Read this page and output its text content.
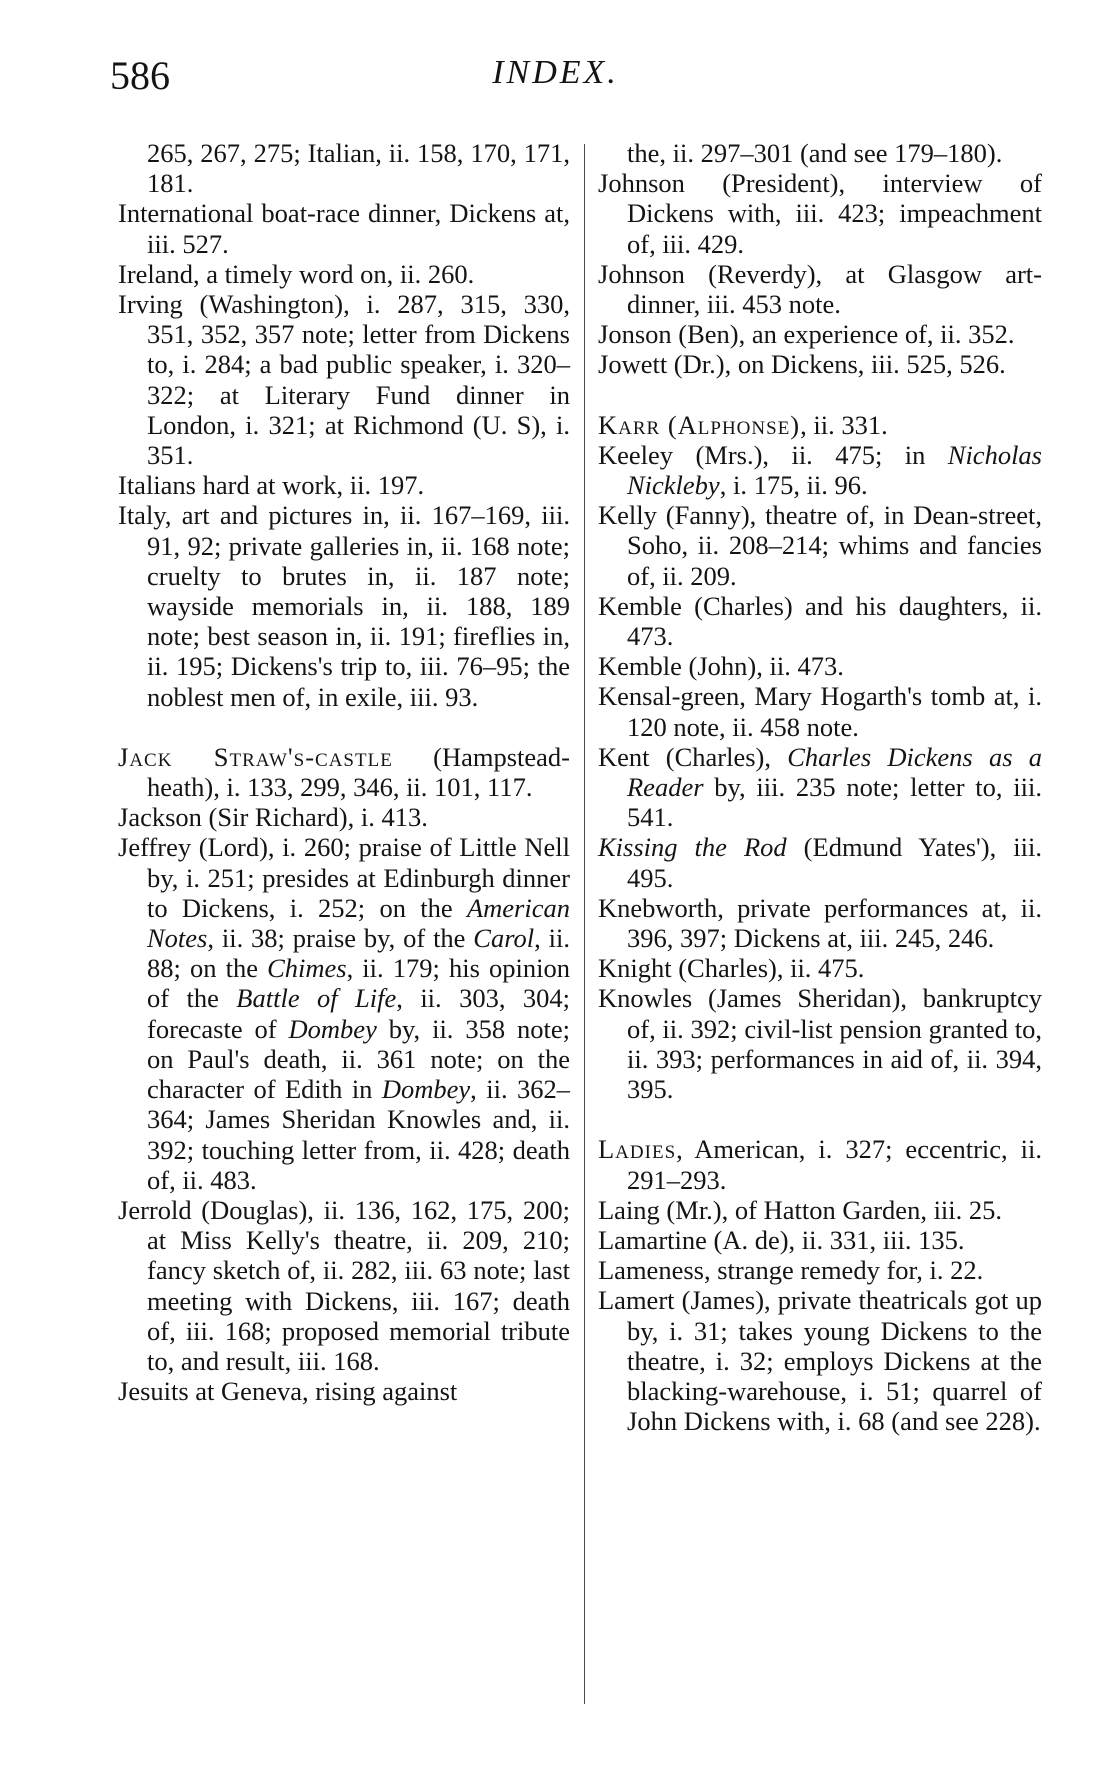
586	INDEX.

265, 267, 275; Italian, ii. 158, 170, 171, 181.

International boat-race dinner, Dickens at, iii. 527.

Ireland, a timely word on, ii. 260.

Irving (Washington), i. 287, 315, 330, 351, 352, 357 note; letter from Dickens to, i. 284; a bad public speaker, i. 320–322; at Literary Fund dinner in London, i. 321; at Richmond (U. S), i. 351.

Italians hard at work, ii. 197.

Italy, art and pictures in, ii. 167–169, iii. 91, 92; private galleries in, ii. 168 note; cruelty to brutes in, ii. 187 note; wayside memorials in, ii. 188, 189 note; best season in, ii. 191; fireflies in, ii. 195; Dickens's trip to, iii. 76–95; the noblest men of, in exile, iii. 93.

Jack Straw's-castle (Hampstead-heath), i. 133, 299, 346, ii. 101, 117.

Jackson (Sir Richard), i. 413.

Jeffrey (Lord), i. 260; praise of Little Nell by, i. 251; presides at Edinburgh dinner to Dickens, i. 252; on the American Notes, ii. 38; praise by, of the Carol, ii. 88; on the Chimes, ii. 179; his opinion of the Battle of Life, ii. 303, 304; forecaste of Dombey by, ii. 358 note; on Paul's death, ii. 361 note; on the character of Edith in Dombey, ii. 362–364; James Sheridan Knowles and, ii. 392; touching letter from, ii. 428; death of, ii. 483.

Jerrold (Douglas), ii. 136, 162, 175, 200; at Miss Kelly's theatre, ii. 209, 210; fancy sketch of, ii. 282, iii. 63 note; last meeting with Dickens, iii. 167; death of, iii. 168; proposed memorial tribute to, and result, iii. 168.

Jesuits at Geneva, rising against

the, ii. 297–301 (and see 179–180).

Johnson (President), interview of Dickens with, iii. 423; impeachment of, iii. 429.

Johnson (Reverdy), at Glasgow art-dinner, iii. 453 note.

Jonson (Ben), an experience of, ii. 352.

Jowett (Dr.), on Dickens, iii. 525, 526.

Karr (Alphonse), ii. 331.

Keeley (Mrs.), ii. 475; in Nicholas Nickleby, i. 175, ii. 96.

Kelly (Fanny), theatre of, in Dean-street, Soho, ii. 208–214; whims and fancies of, ii. 209.

Kemble (Charles) and his daughters, ii. 473.

Kemble (John), ii. 473.

Kensal-green, Mary Hogarth's tomb at, i. 120 note, ii. 458 note.

Kent (Charles), Charles Dickens as a Reader by, iii. 235 note; letter to, iii. 541.

Kissing the Rod (Edmund Yates'), iii. 495.

Knebworth, private performances at, ii. 396, 397; Dickens at, iii. 245, 246.

Knight (Charles), ii. 475.

Knowles (James Sheridan), bankruptcy of, ii. 392; civil-list pension granted to, ii. 393; performances in aid of, ii. 394, 395.

Ladies, American, i. 327; eccentric, ii. 291–293.

Laing (Mr.), of Hatton Garden, iii. 25.

Lamartine (A. de), ii. 331, iii. 135.

Lameness, strange remedy for, i. 22.

Lamert (James), private theatricals got up by, i. 31; takes young Dickens to the theatre, i. 32; employs Dickens at the blacking-warehouse, i. 51; quarrel of John Dickens with, i. 68 (and see 228).
